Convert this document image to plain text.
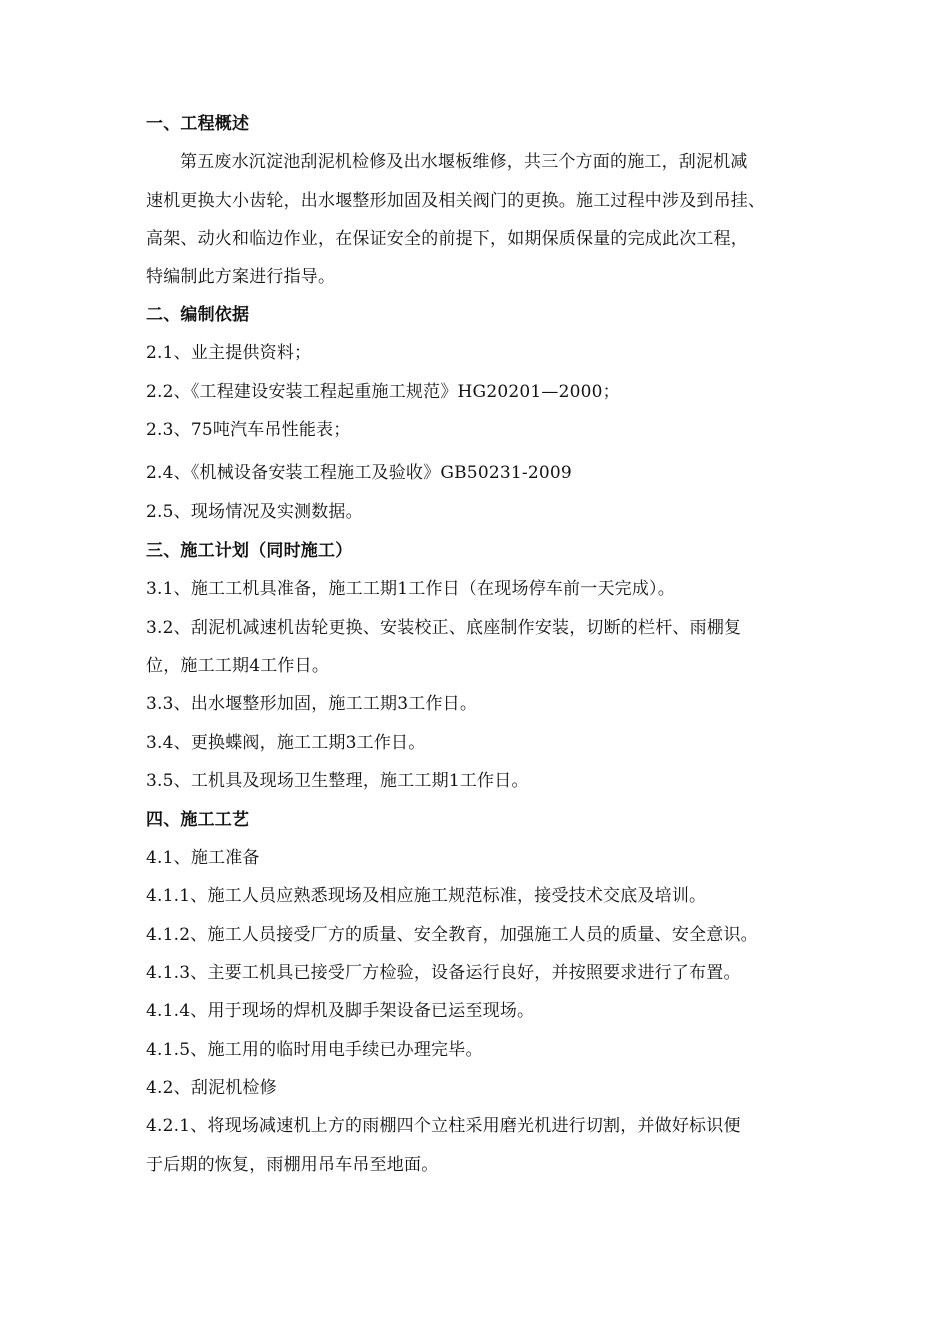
一、工程概述
第五废水沉淀池刮泥机检修及出水堰板维修，共三个方面的施工，刮泥机减
速机更换大小齿轮，出水堰整形加固及相关阀门的更换。施工过程中涉及到吊挂、
高架、动火和临边作业，在保证安全的前提下，如期保质保量的完成此次工程，
特编制此方案进行指导。
二、编制依据
2.1、业主提供资料；
2.2、《工程建设安装工程起重施工规范》HG20201—2000；
2.3、75吨汽车吊性能表；
2.4、《机械设备安装工程施工及验收》GB50231-2009
2.5、现场情况及实测数据。
三、施工计划（同时施工）
3.1、施工工机具准备，施工工期1工作日（在现场停车前一天完成）。
3.2、刮泥机减速机齿轮更换、安装校正、底座制作安装，切断的栏杆、雨棚复
位，施工工期4工作日。
3.3、出水堰整形加固，施工工期3工作日。
3.4、更换蝶阀，施工工期3工作日。
3.5、工机具及现场卫生整理，施工工期1工作日。
四、施工工艺
4.1、施工准备
4.1.1、施工人员应熟悉现场及相应施工规范标准，接受技术交底及培训。
4.1.2、施工人员接受厂方的质量、安全教育，加强施工人员的质量、安全意识。
4.1.3、主要工机具已接受厂方检验，设备运行良好，并按照要求进行了布置。
4.1.4、用于现场的焊机及脚手架设备已运至现场。
4.1.5、施工用的临时用电手续已办理完毕。
4.2、刮泥机检修
4.2.1、将现场减速机上方的雨棚四个立柱采用磨光机进行切割，并做好标识便
于后期的恢复，雨棚用吊车吊至地面。
